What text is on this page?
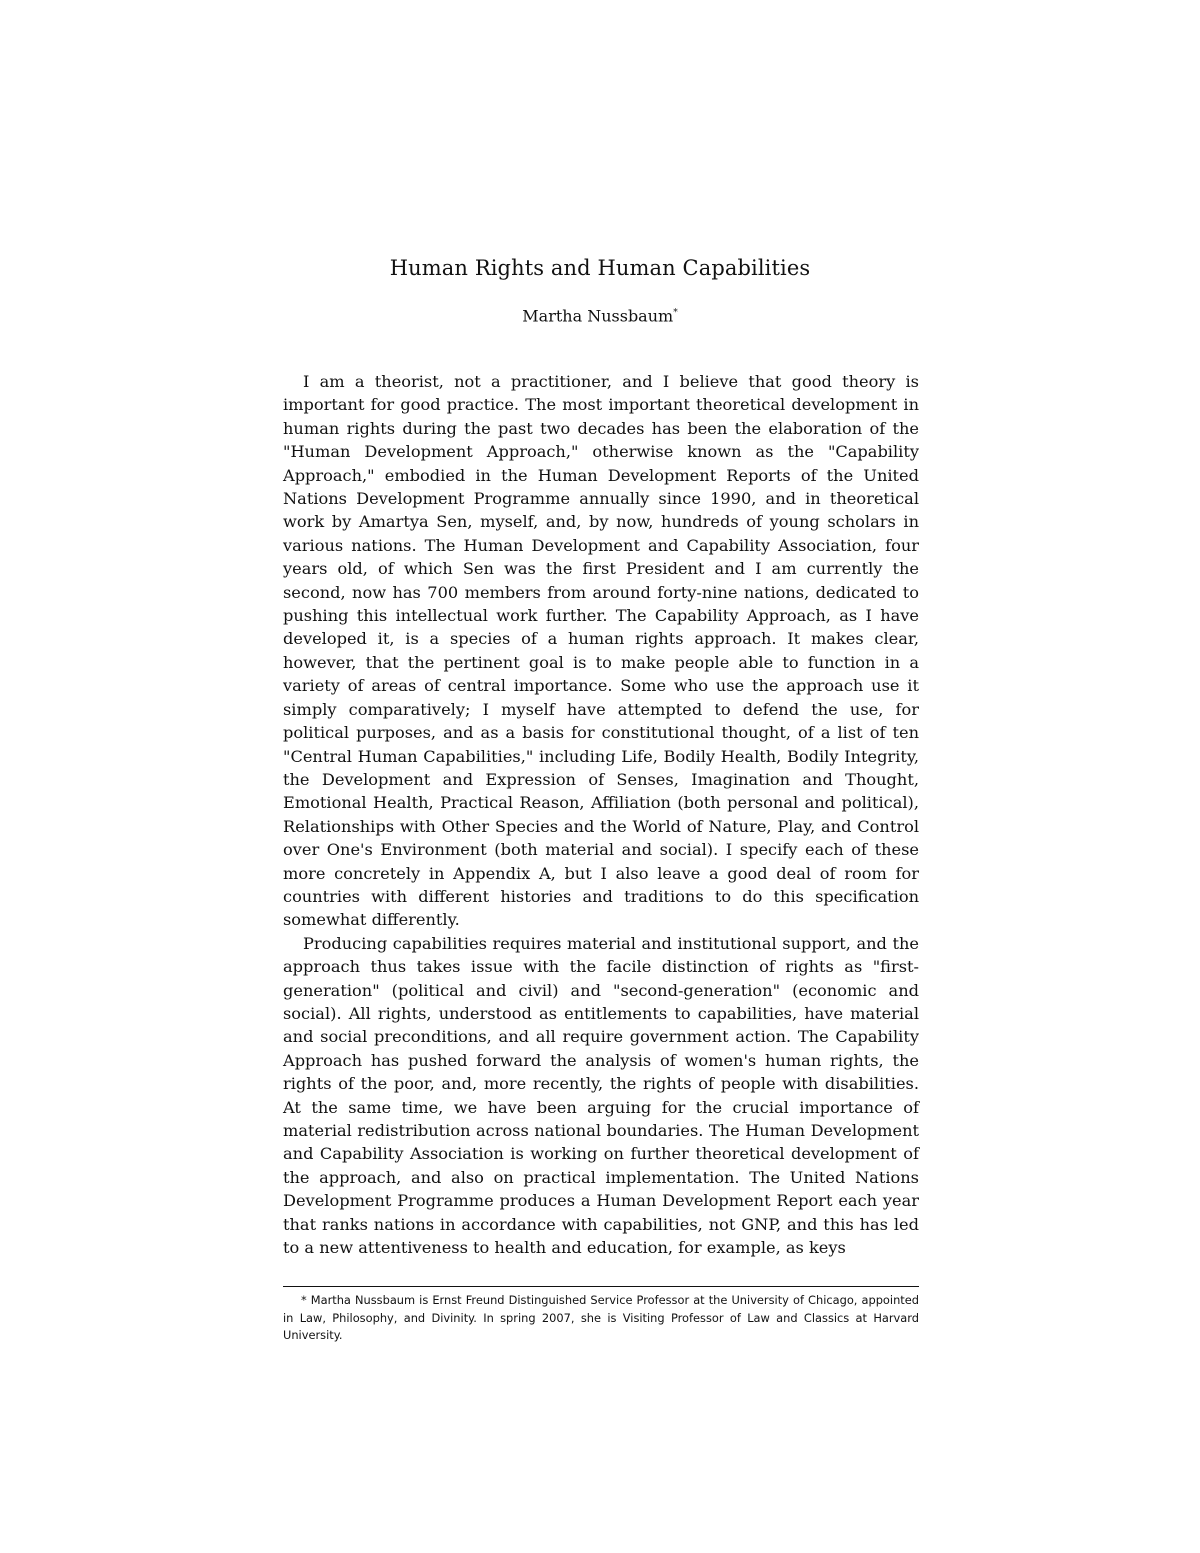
Human Rights and Human Capabilities
Martha Nussbaum*

I am a theorist, not a practitioner, and I believe that good theory is important for good practice. The most important theoretical development in human rights during the past two decades has been the elaboration of the "Human Development Approach," otherwise known as the "Capability Approach," embodied in the Human Development Reports of the United Nations Development Programme annually since 1990, and in theoretical work by Amartya Sen, myself, and, by now, hundreds of young scholars in various nations. The Human Development and Capability Association, four years old, of which Sen was the first President and I am currently the second, now has 700 members from around forty-nine nations, dedicated to pushing this intellectual work further. The Capability Approach, as I have developed it, is a species of a human rights approach. It makes clear, however, that the pertinent goal is to make people able to function in a variety of areas of central importance. Some who use the approach use it simply comparatively; I myself have attempted to defend the use, for political purposes, and as a basis for constitutional thought, of a list of ten "Central Human Capabilities," including Life, Bodily Health, Bodily Integrity, the Development and Expression of Senses, Imagination and Thought, Emotional Health, Practical Reason, Affiliation (both personal and political), Relationships with Other Species and the World of Nature, Play, and Control over One's Environment (both material and social). I specify each of these more concretely in Appendix A, but I also leave a good deal of room for countries with different histories and traditions to do this specification somewhat differently.

Producing capabilities requires material and institutional support, and the approach thus takes issue with the facile distinction of rights as "first-generation" (political and civil) and "second-generation" (economic and social). All rights, understood as entitlements to capabilities, have material and social preconditions, and all require government action. The Capability Approach has pushed forward the analysis of women's human rights, the rights of the poor, and, more recently, the rights of people with disabilities. At the same time, we have been arguing for the crucial importance of material redistribution across national boundaries. The Human Development and Capability Association is working on further theoretical development of the approach, and also on practical implementation. The United Nations Development Programme produces a Human Development Report each year that ranks nations in accordance with capabilities, not GNP, and this has led to a new attentiveness to health and education, for example, as keys

* Martha Nussbaum is Ernst Freund Distinguished Service Professor at the University of Chicago, appointed in Law, Philosophy, and Divinity. In spring 2007, she is Visiting Professor of Law and Classics at Harvard University.
